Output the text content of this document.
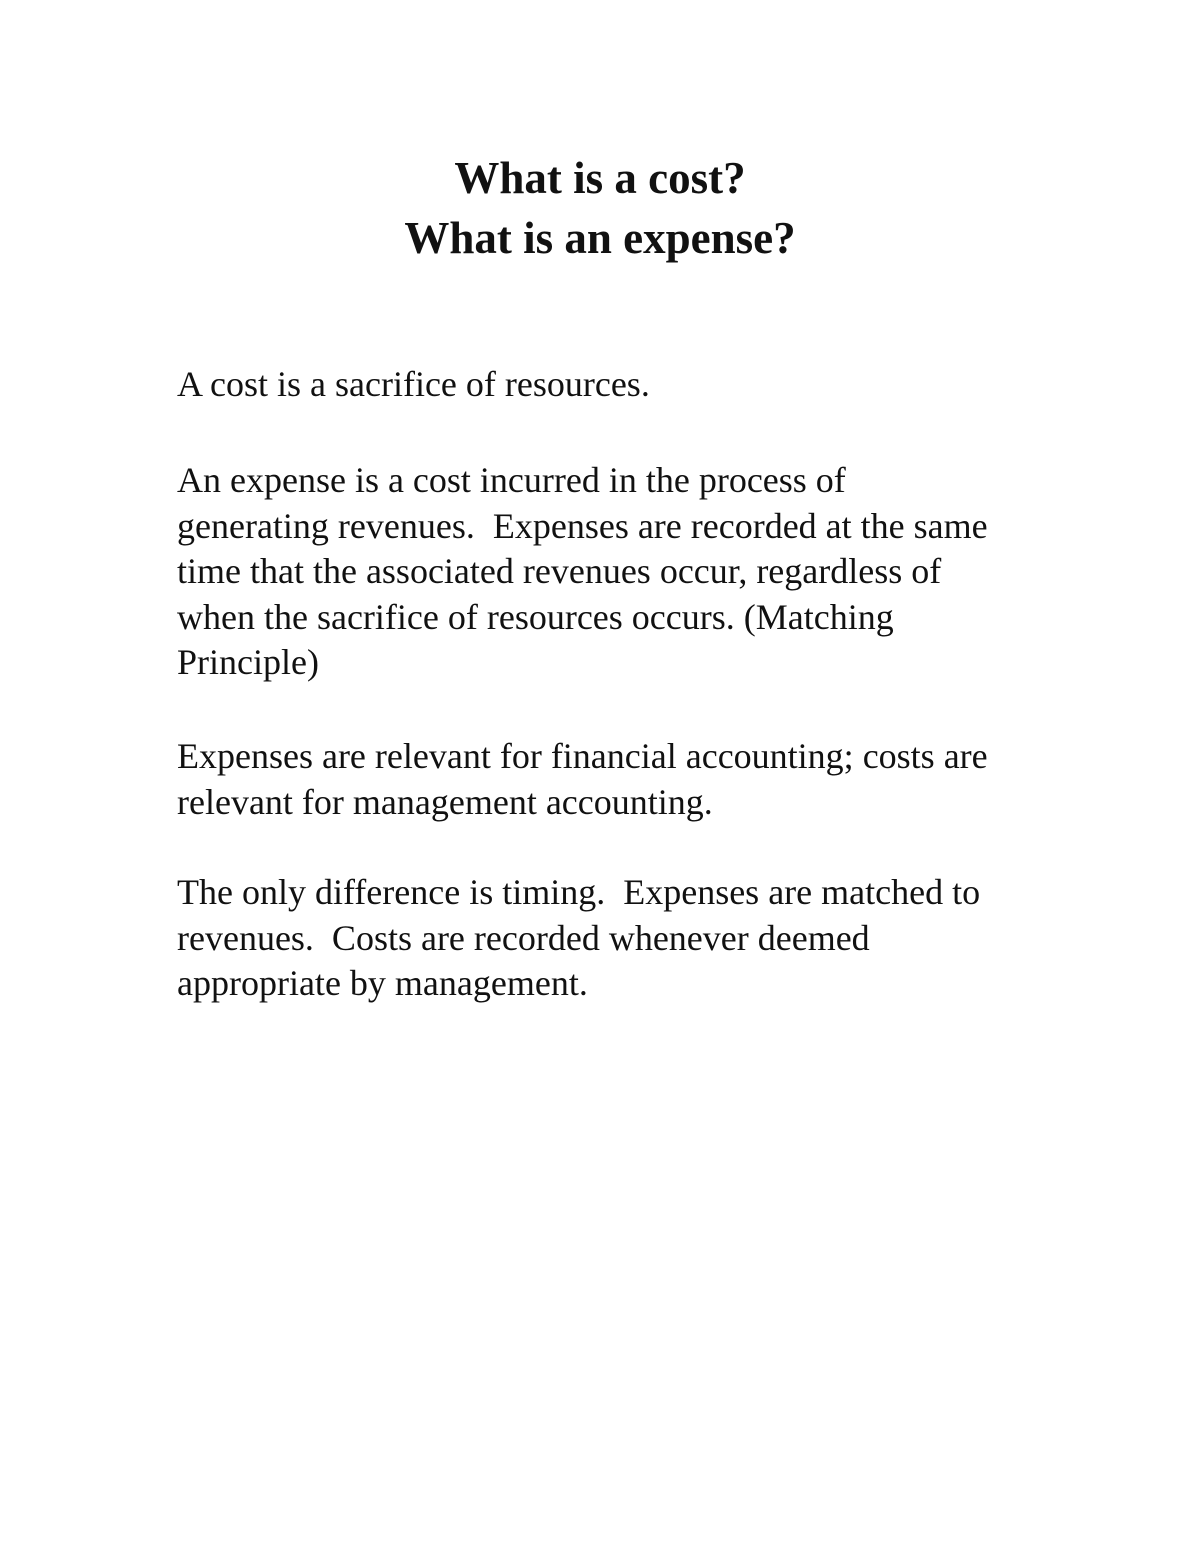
What is a cost?
What is an expense?

A cost is a sacrifice of resources.

An expense is a cost incurred in the process of
generating revenues.  Expenses are recorded at the same
time that the associated revenues occur, regardless of
when the sacrifice of resources occurs. (Matching
Principle)

Expenses are relevant for financial accounting; costs are
relevant for management accounting.

The only difference is timing.  Expenses are matched to
revenues.  Costs are recorded whenever deemed
appropriate by management.
